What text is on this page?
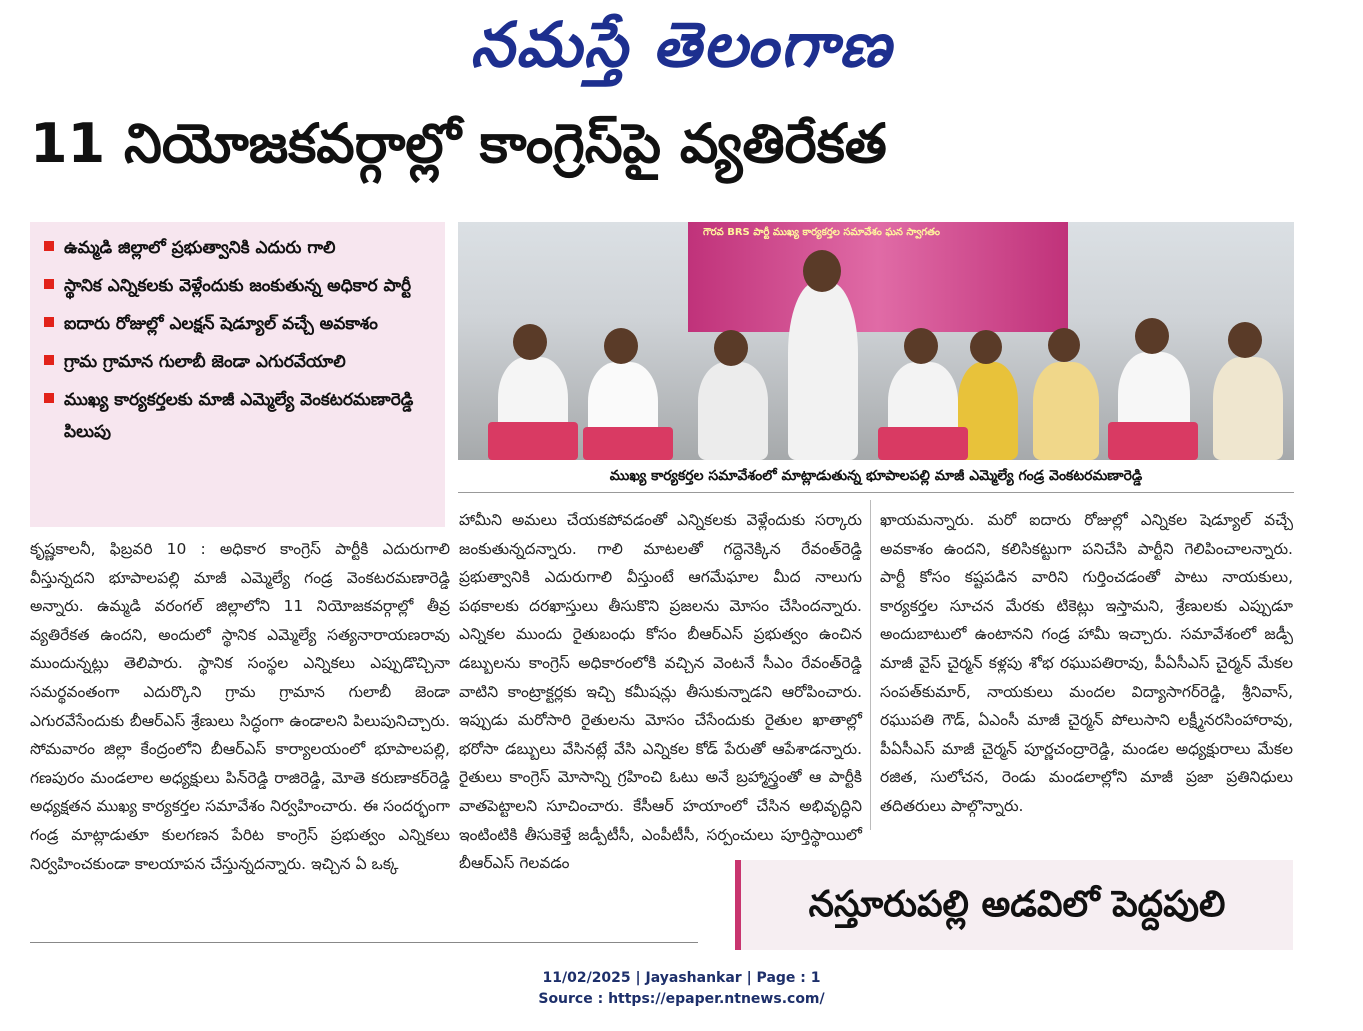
నమస్తే తెలంగాణ
11 నియోజకవర్గాల్లో కాంగ్రెస్‌పై వ్యతిరేకత
ఉమ్మడి జిల్లాలో ప్రభుత్వానికి ఎదురు గాలి
స్థానిక ఎన్నికలకు వెళ్లేందుకు జంకుతున్న అధికార పార్టీ
ఐదారు రోజుల్లో ఎలక్షన్ షెడ్యూల్ వచ్చే అవకాశం
గ్రామ గ్రామాన గులాబీ జెండా ఎగురవేయాలి
ముఖ్య కార్యకర్తలకు మాజీ ఎమ్మెల్యే వెంకటరమణారెడ్డి పిలుపు
గౌరవ BRS పార్టీ ముఖ్య కార్యకర్తల సమావేశం ఘన స్వాగతం
ముఖ్య కార్యకర్తల సమావేశంలో మాట్లాడుతున్న భూపాలపల్లి మాజీ ఎమ్మెల్యే గండ్ర వెంకటరమణారెడ్డి
కృష్ణకాలనీ, ఫిబ్రవరి 10 : అధికార కాంగ్రెస్ పార్టీకి ఎదురుగాలి వీస్తున్నదని భూపాలపల్లి మాజీ ఎమ్మెల్యే గండ్ర వెంకటరమణారెడ్డి అన్నారు. ఉమ్మడి వరంగల్ జిల్లాలోని 11 నియోజకవర్గాల్లో తీవ్ర వ్యతిరేకత ఉందని, అందులో స్థానిక ఎమ్మెల్యే సత్యనారాయణరావు ముందున్నట్లు తెలిపారు. స్థానిక సంస్థల ఎన్నికలు ఎప్పుడొచ్చినా సమర్థవంతంగా ఎదుర్కొని గ్రామ గ్రామాన గులాబీ జెండా ఎగురవేసేందుకు బీఆర్‌ఎస్ శ్రేణులు సిద్ధంగా ఉండాలని పిలుపునిచ్చారు. సోమవారం జిల్లా కేంద్రంలోని బీఆర్‌ఎస్ కార్యాలయంలో భూపాలపల్లి, గణపురం మండలాల అధ్యక్షులు పిన్‌రెడ్డి రాజిరెడ్డి, మోతె కరుణాకర్‌రెడ్డి అధ్యక్షతన ముఖ్య కార్యకర్తల సమావేశం నిర్వహించారు. ఈ సందర్భంగా గండ్ర మాట్లాడుతూ కులగణన పేరిట కాంగ్రెస్ ప్రభుత్వం ఎన్నికలు నిర్వహించకుండా కాలయాపన చేస్తున్నదన్నారు. ఇచ్చిన ఏ ఒక్క
హామీని అమలు చేయకపోవడంతో ఎన్నికలకు వెళ్లేందుకు సర్కారు జంకుతున్నదన్నారు. గాలి మాటలతో గద్దెనెక్కిన రేవంత్‌రెడ్డి ప్రభుత్వానికి ఎదురుగాలి వీస్తుంటే ఆగమేఘాల మీద నాలుగు పథకాలకు దరఖాస్తులు తీసుకొని ప్రజలను మోసం చేసిందన్నారు. ఎన్నికల ముందు రైతుబంధు కోసం బీఆర్‌ఎస్ ప్రభుత్వం ఉంచిన డబ్బులను కాంగ్రెస్ అధికారంలోకి వచ్చిన వెంటనే సీఎం రేవంత్‌రెడ్డి వాటిని కాంట్రాక్టర్లకు ఇచ్చి కమీషన్లు తీసుకున్నాడని ఆరోపించారు. ఇప్పుడు మరోసారి రైతులను మోసం చేసేందుకు రైతుల ఖాతాల్లో భరోసా డబ్బులు వేసినట్లే వేసి ఎన్నికల కోడ్ పేరుతో ఆపేశాడన్నారు. రైతులు కాంగ్రెస్ మోసాన్ని గ్రహించి ఓటు అనే బ్రహ్మాస్త్రంతో ఆ పార్టీకి వాతపెట్టాలని సూచించారు. కేసీఆర్ హయాంలో చేసిన అభివృద్ధిని ఇంటింటికి తీసుకెళ్తే జడ్పీటీసీ, ఎంపీటీసీ, సర్పంచులు పూర్తిస్థాయిలో బీఆర్‌ఎస్ గెలవడం
ఖాయమన్నారు. మరో ఐదారు రోజుల్లో ఎన్నికల షెడ్యూల్ వచ్చే అవకాశం ఉందని, కలిసికట్టుగా పనిచేసి పార్టీని గెలిపించాలన్నారు. పార్టీ కోసం కష్టపడిన వారిని గుర్తించడంతో పాటు నాయకులు, కార్యకర్తల సూచన మేరకు టికెట్లు ఇస్తామని, శ్రేణులకు ఎప్పుడూ అందుబాటులో ఉంటానని గండ్ర హామీ ఇచ్చారు. సమావేశంలో జడ్పీ మాజీ వైస్ చైర్మన్ కళ్లపు శోభ రఘుపతిరావు, పీఏసీఎస్ చైర్మన్ మేకల సంపత్‌కుమార్, నాయకులు మందల విద్యాసాగర్‌రెడ్డి, శ్రీనివాస్, రఘుపతి గౌడ్, ఏఎంసీ మాజీ చైర్మన్ పోలుసాని లక్ష్మీనరసింహారావు, పీఏసీఎస్ మాజీ చైర్మన్ పూర్ణచంద్రారెడ్డి, మండల అధ్యక్షురాలు మేకల రజిత, సులోచన, రెండు మండలాల్లోని మాజీ ప్రజా ప్రతినిధులు తదితరులు పాల్గొన్నారు.
నస్తూరుపల్లి అడవిలో పెద్దపులి
11/02/2025 | Jayashankar | Page : 1
Source : https://epaper.ntnews.com/
